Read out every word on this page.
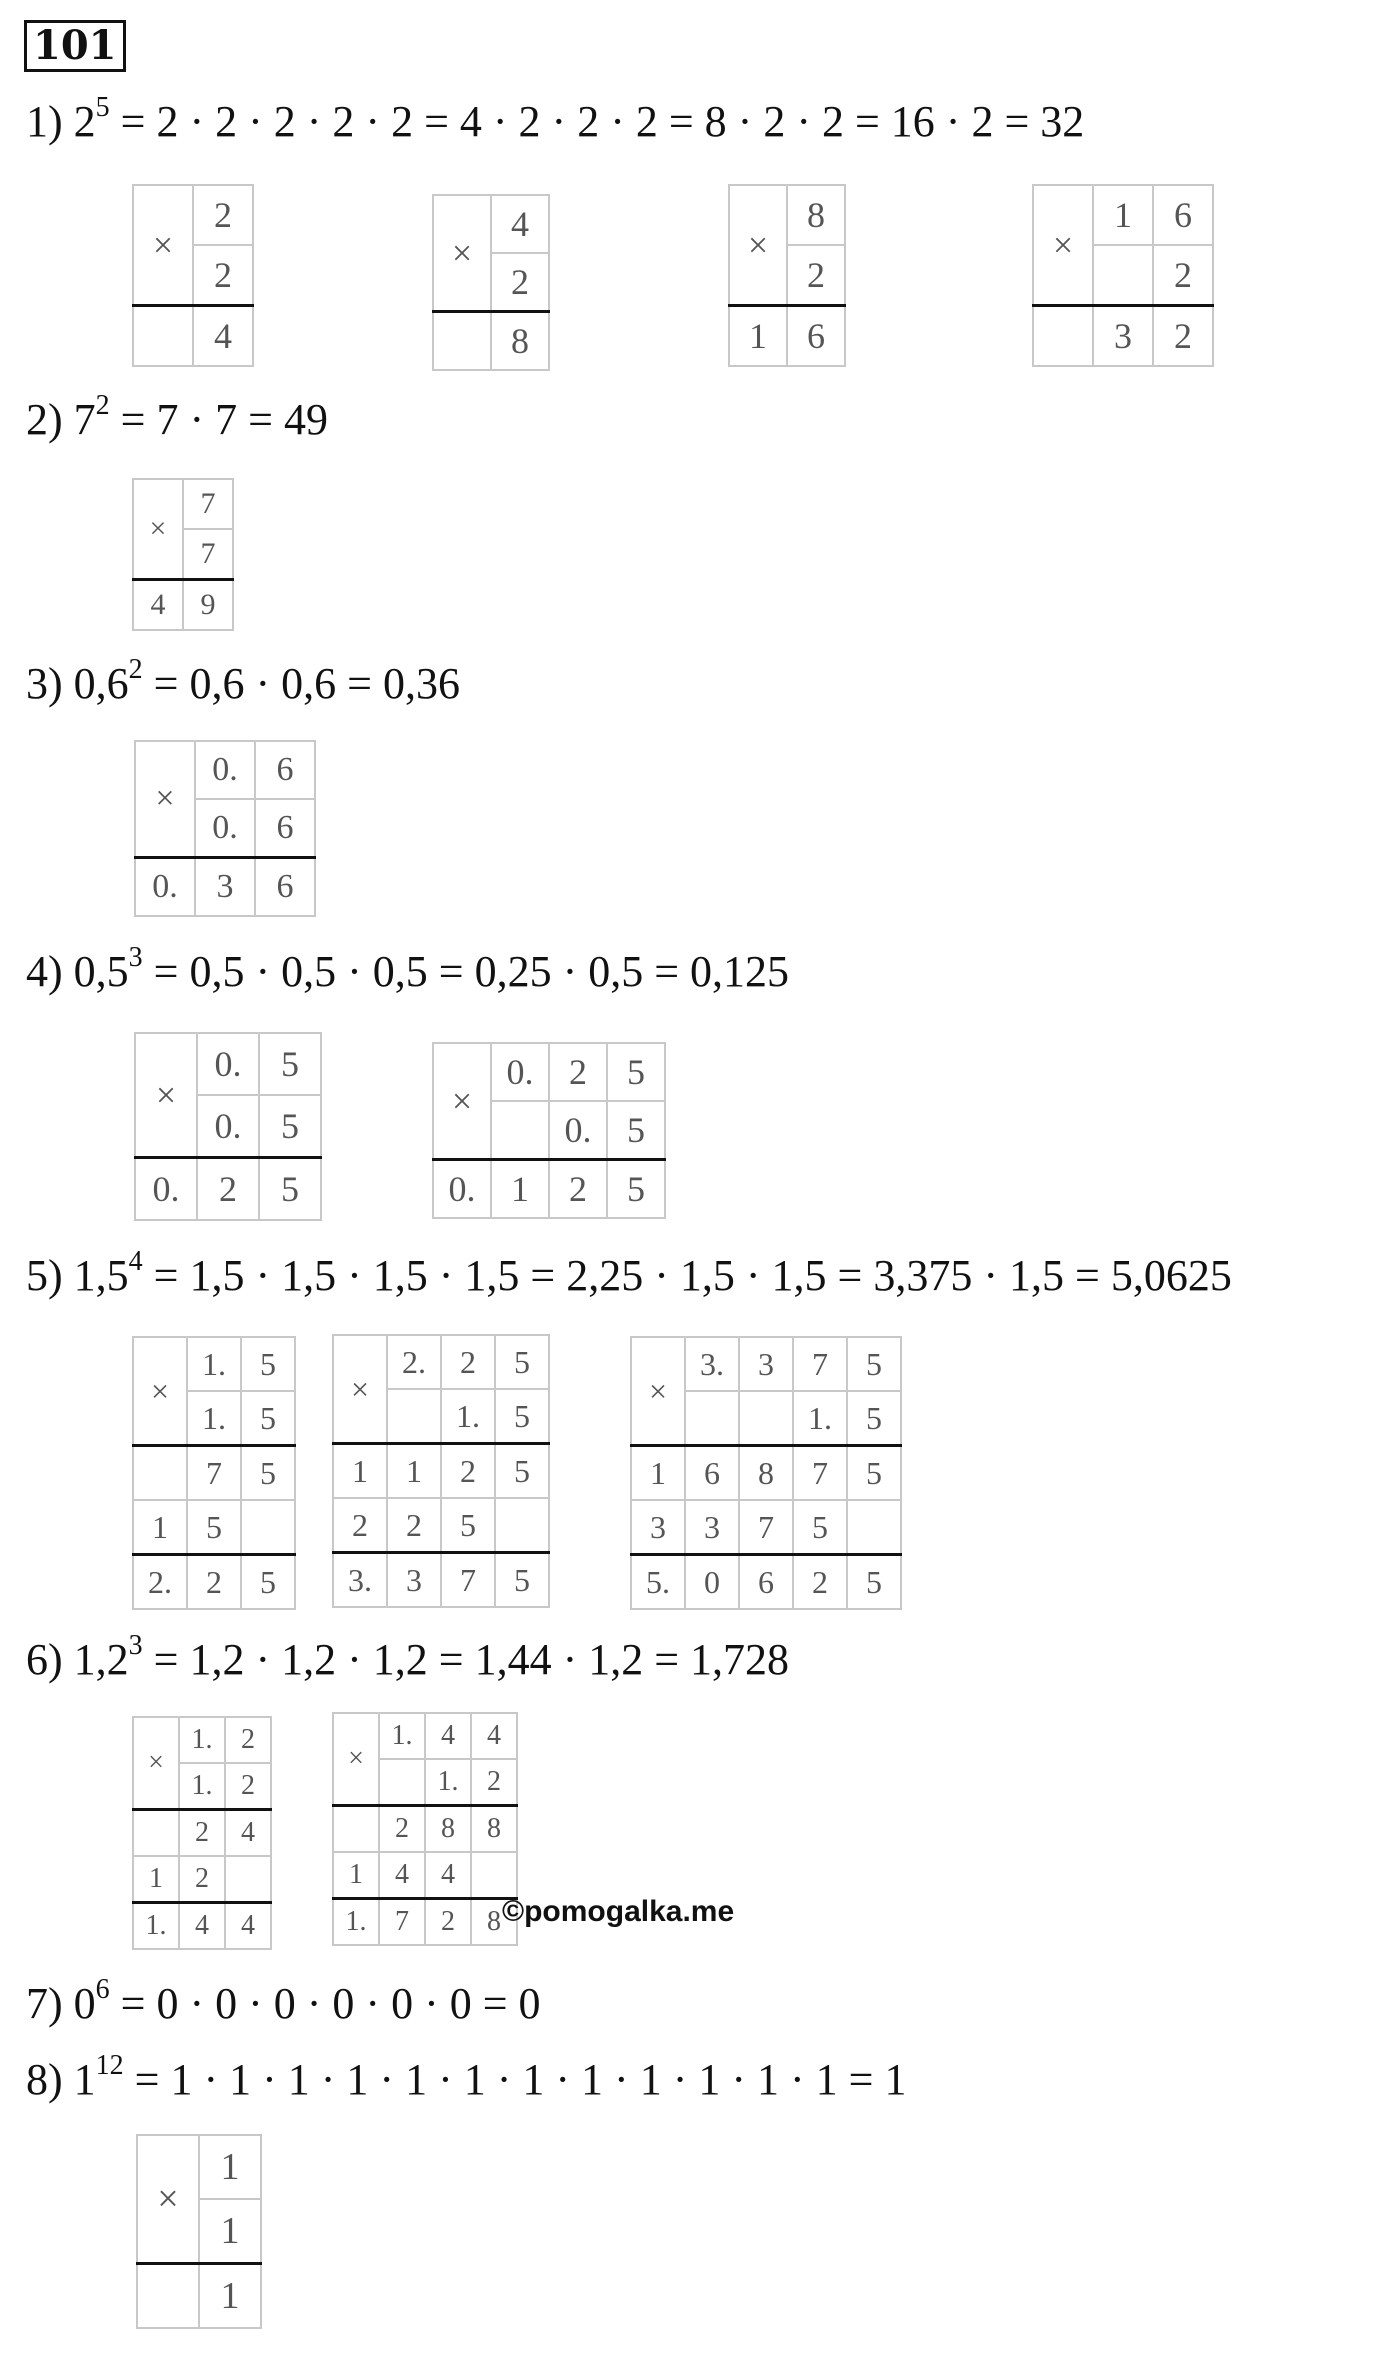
101
1) $2^5 = 2 \cdot 2 \cdot 2 \cdot 2 \cdot 2 = 4 \cdot 2 \cdot 2 \cdot 2 = 8 \cdot 2 \cdot 2 = 16 \cdot 2 = 32$
2) $7^2 = 7 \cdot 7 = 49$
3) $0,6^2 = 0,6 \cdot 0,6 = 0,36$
4) $0,5^3 = 0,5 \cdot 0,5 \cdot 0,5 = 0,25 \cdot 0,5 = 0,125$
5) $1,5^4 = 1,5 \cdot 1,5 \cdot 1,5 \cdot 1,5 = 2,25 \cdot 1,5 \cdot 1,5 = 3,375 \cdot 1,5 = 5,0625$
6) $1,2^3 = 1,2 \cdot 1,2 \cdot 1,2 = 1,44 \cdot 1,2 = 1,728$
7) $0^6 = 0 \cdot 0 \cdot 0 \cdot 0 \cdot 0 \cdot 0 = 0$
8) $1^{12} = 1 \cdot 1 \cdot 1 \cdot 1 \cdot 1 \cdot 1 \cdot 1 \cdot 1 \cdot 1 \cdot 1 \cdot 1 \cdot 1 = 1$
×	2
	2
	4
×	4
	2
	8
×	8
	2
1	6
×	1	6
		2
	3	2
×	7
	7
4	9
×	0.	6
	0.	6
0.	3	6
×	0.	5
	0.	5
0.	2	5
×	0.	2	5
		0.	5
0.	1	2	5
×	1.	5
	1.	5
	7	5
1	5	
2.	2	5
×	2.	2	5
		1.	5
1	1	2	5
2	2	5	
3.	3	7	5
×	3.	3	7	5
			1.	5
1	6	8	7	5
3	3	7	5	
5.	0	6	2	5
×	1.	2
	1.	2
	2	4
1	2	
1.	4	4
×	1.	4	4
		1.	2
	2	8	8
1	4	4	
1.	7	2	8
×	1
	1
	1
©pomogalka.me
